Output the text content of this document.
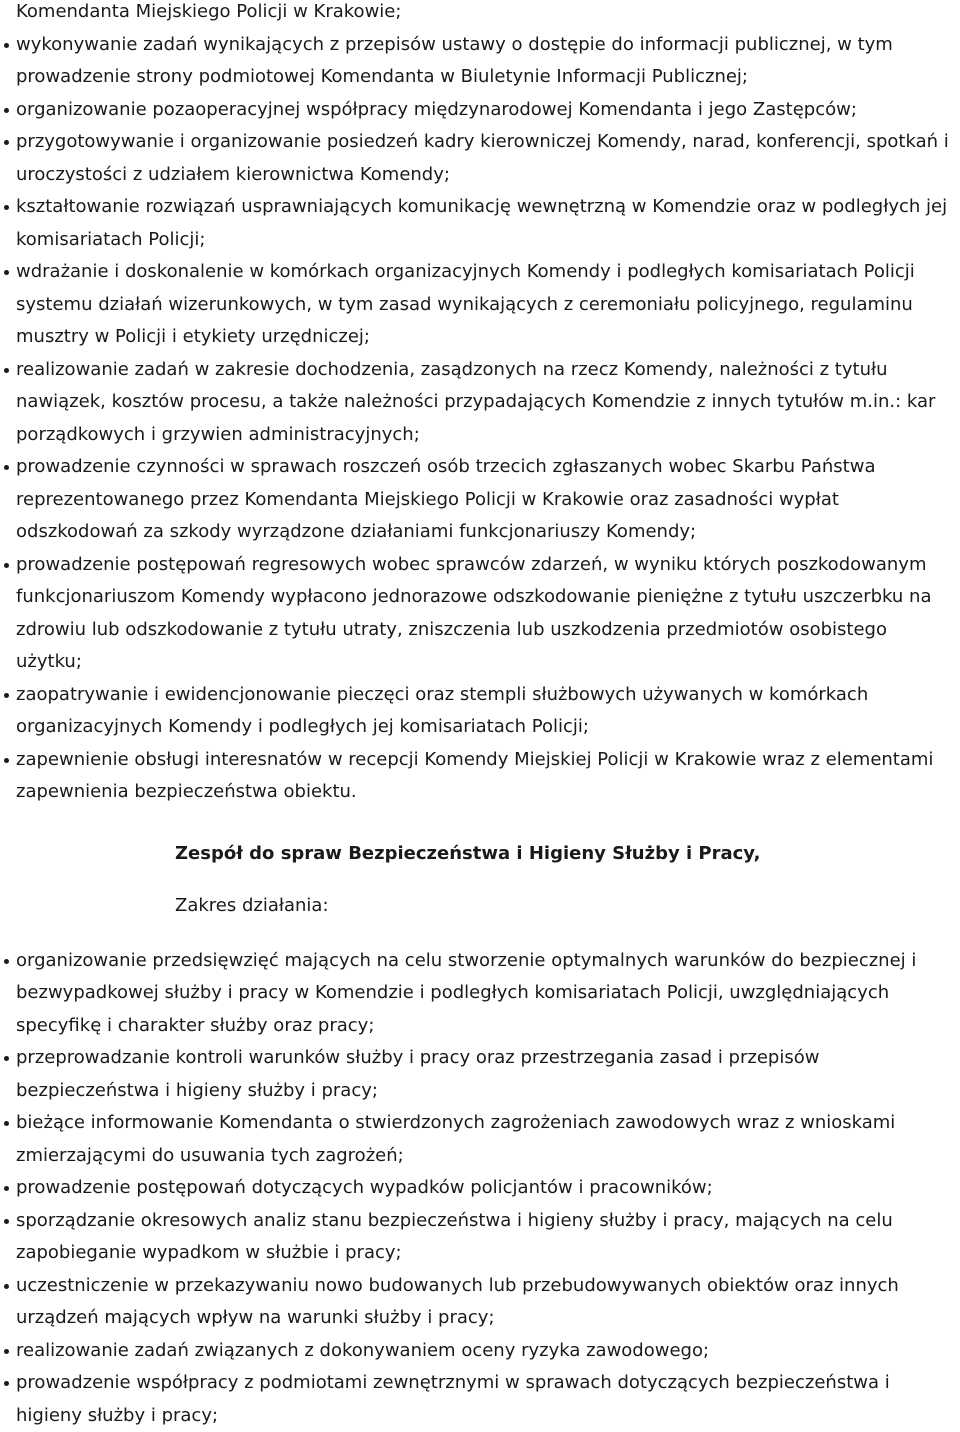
Komendanta Miejskiego Policji w Krakowie;

wykonywanie zadań wynikających z przepisów ustawy o dostępie do informacji publicznej, w tym prowadzenie strony podmiotowej Komendanta w Biuletynie Informacji Publicznej;
organizowanie pozaoperacyjnej współpracy międzynarodowej Komendanta i jego Zastępców;
przygotowywanie i organizowanie posiedzeń kadry kierowniczej Komendy, narad, konferencji, spotkań i uroczystości z udziałem kierownictwa Komendy;
kształtowanie rozwiązań usprawniających komunikację wewnętrzną w Komendzie oraz w podległych jej komisariatach Policji;
wdrażanie i doskonalenie w komórkach organizacyjnych Komendy i podległych komisariatach Policji systemu działań wizerunkowych, w tym zasad wynikających z ceremoniału policyjnego, regulaminu musztry w Policji i etykiety urzędniczej;
realizowanie zadań w zakresie dochodzenia, zasądzonych na rzecz Komendy, należności z tytułu nawiązek, kosztów procesu, a także należności przypadających Komendzie z innych tytułów m.in.: kar porządkowych i grzywien administracyjnych;
prowadzenie czynności w sprawach roszczeń osób trzecich zgłaszanych wobec Skarbu Państwa reprezentowanego przez Komendanta Miejskiego Policji w Krakowie oraz zasadności wypłat odszkodowań za szkody wyrządzone działaniami funkcjonariuszy Komendy;
prowadzenie postępowań regresowych wobec sprawców zdarzeń, w wyniku których poszkodowanym funkcjonariuszom Komendy wypłacono jednorazowe odszkodowanie pieniężne z tytułu uszczerbku na zdrowiu lub odszkodowanie z tytułu utraty, zniszczenia lub uszkodzenia przedmiotów osobistego użytku;
zaopatrywanie i ewidencjonowanie pieczęci oraz stempli służbowych używanych w komórkach organizacyjnych Komendy i podległych jej komisariatach Policji;
zapewnienie obsługi interesnatów w recepcji Komendy Miejskiej Policji w Krakowie wraz z elementami zapewnienia bezpieczeństwa obiektu.

Zespół do spraw Bezpieczeństwa i Higieny Służby i Pracy,

Zakres działania:

organizowanie przedsięwzięć mających na celu stworzenie optymalnych warunków do bezpiecznej i bezwypadkowej służby i pracy w Komendzie i podległych komisariatach Policji, uwzględniających specyfikę i charakter służby oraz pracy;
przeprowadzanie kontroli warunków służby i pracy oraz przestrzegania zasad i przepisów bezpieczeństwa i higieny służby i pracy;
bieżące informowanie Komendanta o stwierdzonych zagrożeniach zawodowych wraz z wnioskami zmierzającymi do usuwania tych zagrożeń;
prowadzenie postępowań dotyczących wypadków policjantów i pracowników;
sporządzanie okresowych analiz stanu bezpieczeństwa i higieny służby i pracy, mających na celu zapobieganie wypadkom w służbie i pracy;
uczestniczenie w przekazywaniu nowo budowanych lub przebudowywanych obiektów oraz innych urządzeń mających wpływ na warunki służby i pracy;
realizowanie zadań związanych z dokonywaniem oceny ryzyka zawodowego;
prowadzenie współpracy z podmiotami zewnętrznymi w sprawach dotyczących bezpieczeństwa i higieny służby i pracy;
